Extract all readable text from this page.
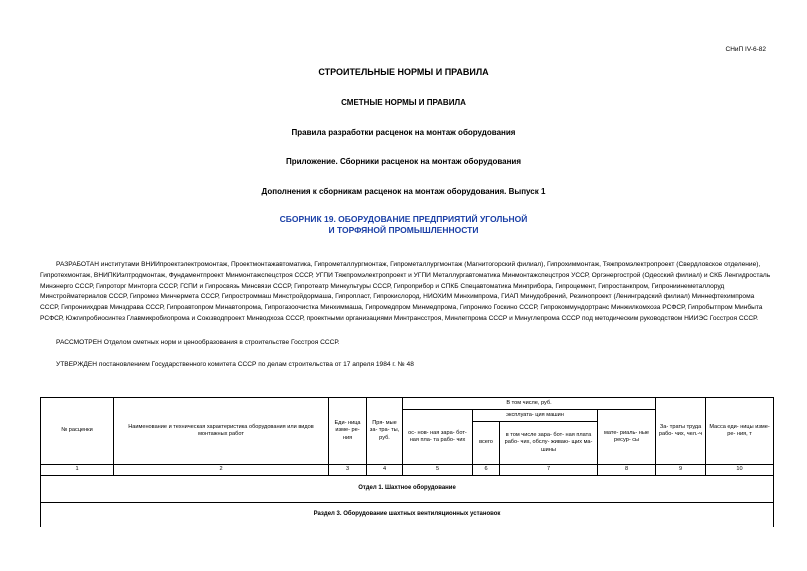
СНиП IV-6-82
СТРОИТЕЛЬНЫЕ НОРМЫ И ПРАВИЛА
СМЕТНЫЕ НОРМЫ И ПРАВИЛА
Правила разработки расценок на монтаж оборудования
Приложение. Сборники расценок на монтаж оборудования
Дополнения к сборникам расценок на монтаж оборудования. Выпуск 1
СБОРНИК 19. ОБОРУДОВАНИЕ ПРЕДПРИЯТИЙ УГОЛЬНОЙ
И ТОРФЯНОЙ ПРОМЫШЛЕННОСТИ
РАЗРАБОТАН институтами ВНИИпроектэлектромонтаж, Проектмонтажавтоматика, Гипрометаллургмонтаж, Гипрометаллургмонтаж (Магнитогорский филиал), Гипрохиммонтаж, Тяжпромэлектропроект (Свердловское отделение), Гипротехмонтаж, ВНИПКИэлтродмонтаж, Фундаментпроект Минмонтажспецстроя СССР, УГПИ Тяжпромэлектропроект и УГПИ Металлургавтоматика Минмонтажспецстроя УССР, Оргэнергострой (Одесский филиал) и СКБ Ленгидросталь Минэнерго СССР, Гипроторг Минторга СССР, ГСПИ и Гипросвязь Минсвязи СССР, Гипротеатр Минкультуры СССР, Гипроприбор и СПКБ Спецавтоматика Минприбора, Гипроцемент, Гипростанкпром, Гипрониинеметаллоруд Минстройматериалов СССР, Гипромез Минчермета СССР, Гипростроммаш Минстройдормаша, Гипропласт, Гипрокислород, НИОХИМ Минхимпрома, ГИАП Минудобрений, Резинопроект (Ленинградский филиал) Миннефтехимпрома СССР, Гипрониихдрав Минздрава СССР, Гипроавтопром Минавтопрома, Гипрогазоочистка Минхиммаша, Гипромедпром Минмедпрома, Гипронико Госкино СССР, Гипрокоммундортранс Минжилкомхоза РСФСР, Гипробытпром Минбыта РСФСР, Южгипробиосинтез Главмикробиопрома и Союзводпроект Минводхоза СССР, проектными организациями Минтрансстроя, Минлегпрома СССР и Минуглепрома СССР под методическим руководством НИИЭС Госстроя СССР.
РАССМОТРЕН Отделом сметных норм и ценообразования в строительстве Госстроя СССР.
УТВЕРЖДЕН постановлением Государственного комитета СССР по делам строительства от 17 апреля 1984 г. № 48
№ расценки	Наименование и техническая характеристика оборудования или видов монтажных работ	Еди- ница изме- ре- ния	Пря- мые за- тра- ты, руб.	В том числе, руб.				За- траты труда рабо- чих, чел.-ч	Масса еди- ницы изме- ре- ния, т
				ос- нов- ная зара- бот- ная пла- та рабо- чих	эксплуата- ция машин		мате- риаль- ные ресур- сы		
					всего	в том числе зара- бот- ная плата рабо- чих, обслу- живаю- щих ма- шины			
1	2	3	4	5	6	7	8	9	10
Отдел 1. Шахтное оборудование									
Раздел 3. Оборудование шахтных вентиляционных установок									
